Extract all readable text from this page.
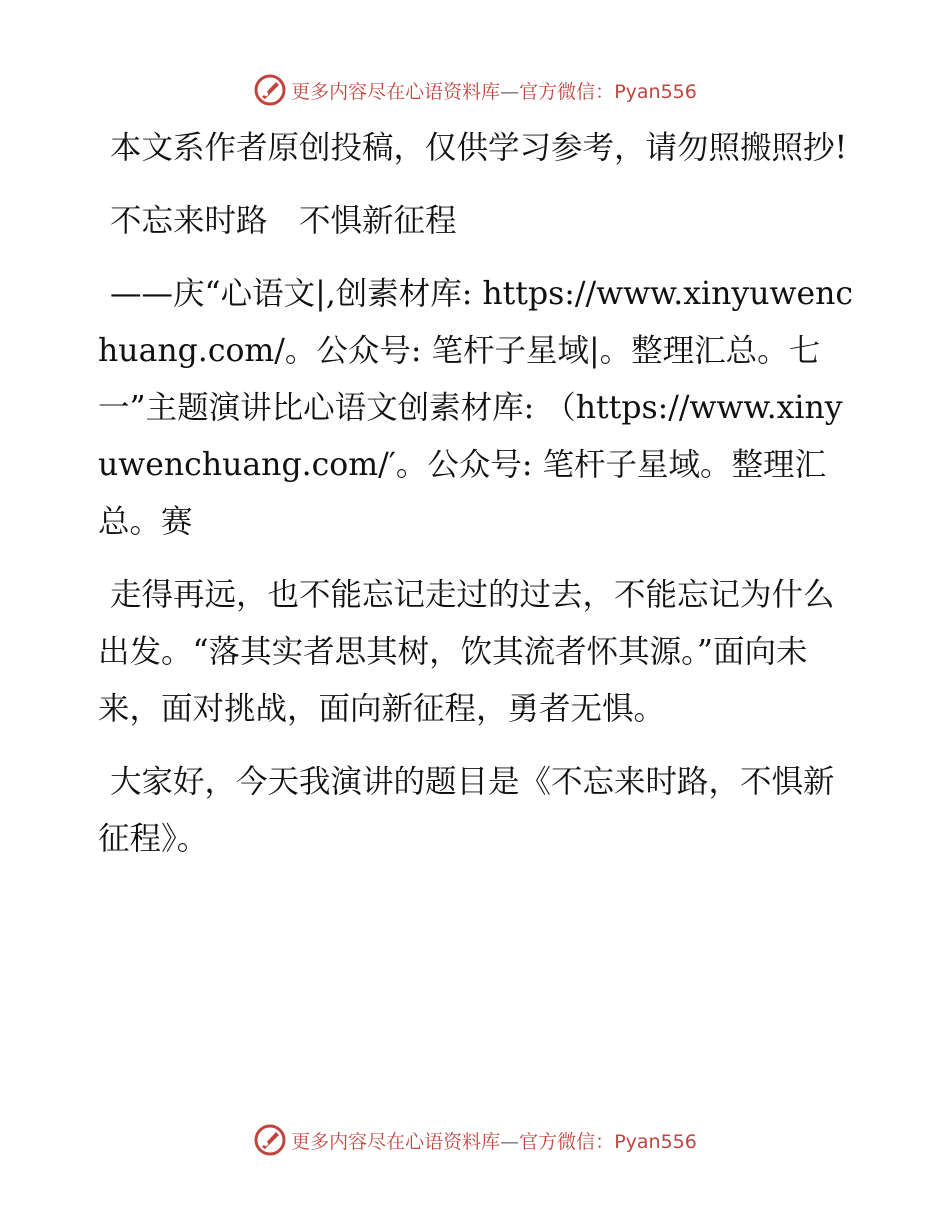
更多内容尽在心语资料库—官方微信：Pyan556

本文系作者原创投稿，仅供学习参考，请勿照搬照抄!

不忘来时路　不惧新征程

——庆“心语文|,创素材库: https://www.xinyuwenchuang.com/。公众号: 笔杆子星域|。整理汇总。七一”主题演讲比心语文创素材库: （https://www.xinyuwenchuang.com/′。公众号: 笔杆子星域。整理汇总。赛

走得再远，也不能忘记走过的过去，不能忘记为什么出发。“落其实者思其树，饮其流者怀其源。”面向未来，面对挑战，面向新征程，勇者无惧。

大家好，今天我演讲的题目是《不忘来时路，不惧新征程》。

更多内容尽在心语资料库—官方微信：Pyan556
